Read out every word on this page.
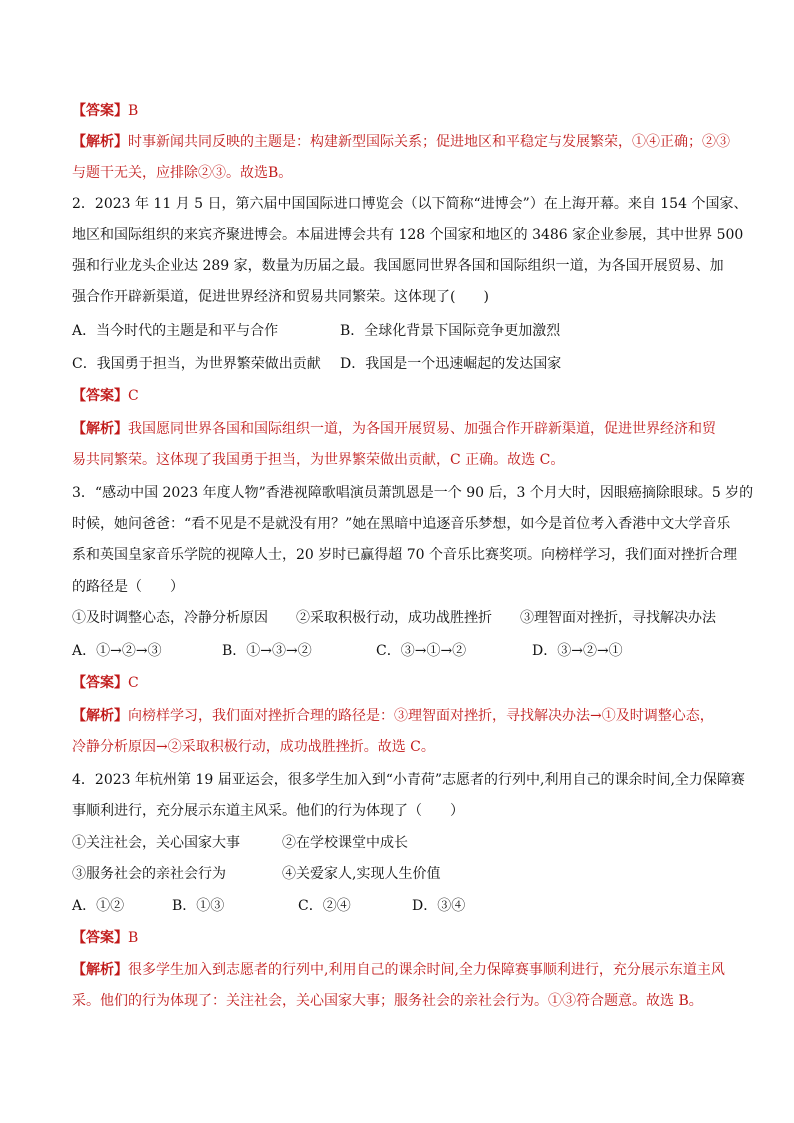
【答案】B

【解析】时事新闻共同反映的主题是：构建新型国际关系；促进地区和平稳定与发展繁荣，①④正确；②③

与题干无关，应排除②③。故选B。

2．2023 年 11 月 5 日，第六届中国国际进口博览会（以下简称“进博会”）在上海开幕。来自 154 个国家、

地区和国际组织的来宾齐聚进博会。本届进博会共有 128 个国家和地区的 3486 家企业参展，其中世界 500

强和行业龙头企业达 289 家，数量为历届之最。我国愿同世界各国和国际组织一道，为各国开展贸易、加

强合作开辟新渠道，促进世界经济和贸易共同繁荣。这体现了(　　)

A．当今时代的主题是和平与合作	B．全球化背景下国际竞争更加激烈

C．我国勇于担当，为世界繁荣做出贡献 D．我国是一个迅速崛起的发达国家

【答案】C

【解析】我国愿同世界各国和国际组织一道，为各国开展贸易、加强合作开辟新渠道，促进世界经济和贸

易共同繁荣。这体现了我国勇于担当，为世界繁荣做出贡献，C 正确。故选 C。

3．“感动中国 2023 年度人物”香港视障歌唱演员萧凯恩是一个 90 后，3 个月大时，因眼癌摘除眼球。5 岁的

时候，她问爸爸：“看不见是不是就没有用？”她在黑暗中追逐音乐梦想，如今是首位考入香港中文大学音乐

系和英国皇家音乐学院的视障人士，20 岁时已赢得超 70 个音乐比赛奖项。向榜样学习，我们面对挫折合理

的路径是（　　）

①及时调整心态，冷静分析原因　　②采取积极行动，成功战胜挫折　　③理智面对挫折，寻找解决办法

A．①→②→③	B．①→③→②	C．③→①→②	D．③→②→①

【答案】C

【解析】向榜样学习，我们面对挫折合理的路径是：③理智面对挫折，寻找解决办法→①及时调整心态，

冷静分析原因→②采取积极行动，成功战胜挫折。故选 C。

4．2023 年杭州第 19 届亚运会，很多学生加入到“小青荷”志愿者的行列中,利用自己的课余时间,全力保障赛

事顺利进行，充分展示东道主风采。他们的行为体现了（　　）

①关注社会，关心国家大事	②在学校课堂中成长

③服务社会的亲社会行为	④关爱家人,实现人生价值

A．①②	B．①③	C．②④	D．③④

【答案】B

【解析】很多学生加入到志愿者的行列中,利用自己的课余时间,全力保障赛事顺利进行，充分展示东道主风

采。他们的行为体现了：关注社会，关心国家大事；服务社会的亲社会行为。①③符合题意。故选 B。
